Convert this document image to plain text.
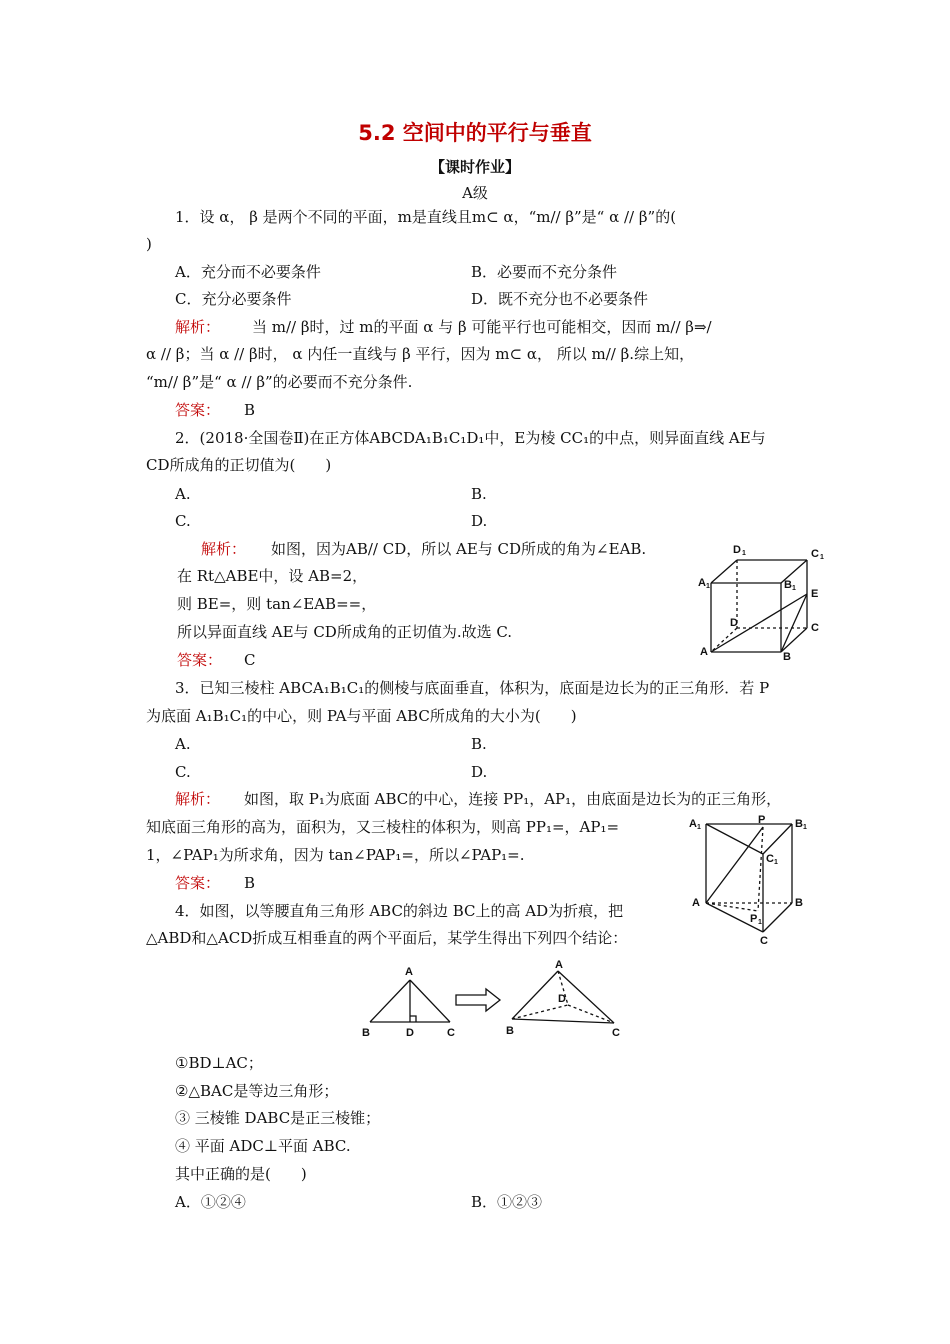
5.2 空间中的平行与垂直
【课时作业】
A级
1．设 α， β 是两个不同的平面，m是直线且m⊂ α，“m// β”是“ α // β”的(
)
A．充分而不必要条件	B．必要而不充分条件
C．充分必要条件	D．既不充分也不必要条件
解析： 当 m// β时，过 m的平面 α 与 β 可能平行也可能相交，因而 m// β⇒/
α // β；当 α // β时， α 内任一直线与 β 平行，因为 m⊂ α， 所以 m// β.综上知，
“m// β”是“ α // β”的必要而不充分条件.
答案： B
2．(2018·全国卷Ⅱ)在正方体ABCDA₁B₁C₁D₁中，E为棱 CC₁的中点，则异面直线 AE与
CD所成角的正切值为(　　)
A.	B.
C.	D.
解析： 如图，因为AB// CD，所以 AE与 CD所成的角为∠EAB.
在 Rt△ABE中，设 AB=2，
则 BE=，则 tan∠EAB==，
所以异面直线 AE与 CD所成角的正切值为.故选 C.
答案： C
D 1	C 1
A 1	B 1 E
D	C
A	B
3．已知三棱柱 ABCA₁B₁C₁的侧棱与底面垂直，体积为，底面是边长为的正三角形．若 P
为底面 A₁B₁C₁的中心，则 PA与平面 ABC所成角的大小为(　　)
A.	B.
C.	D.
解析： 如图，取 P₁为底面 ABC的中心，连接 PP₁，AP₁，由底面是边长为的正三角形，
知底面三角形的高为，面积为，又三棱柱的体积为，则高 PP₁=，AP₁=
1，∠PAP₁为所求角，因为 tan∠PAP₁=，所以∠PAP₁=.
答案： B
A 1
P	B 1
C 1
A
P 1
B
C
4．如图，以等腰直角三角形 ABC的斜边 BC上的高 AD为折痕，把
△ABD和△ACD折成互相垂直的两个平面后，某学生得出下列四个结论：
A
B	D	C
A
D
B	C
①BD⊥AC；
②△BAC是等边三角形；
③ 三棱锥 DABC是正三棱锥；
④ 平面 ADC⊥平面 ABC.
其中正确的是(　　)
A．①②④	B．①②③
